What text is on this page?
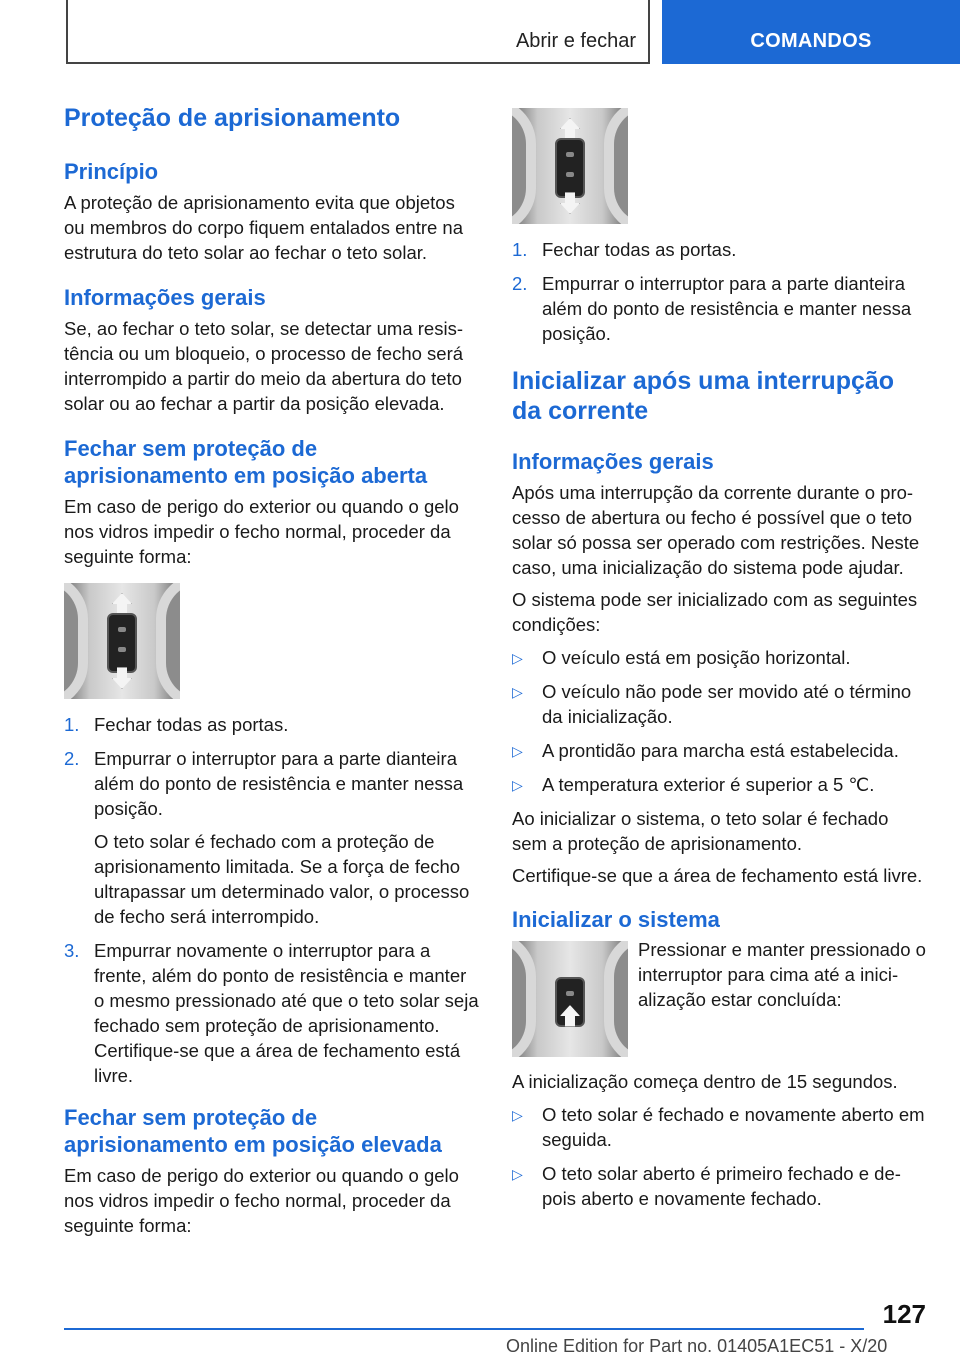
Abrir e fechar	COMANDOS
Proteção de aprisionamento
Princípio

A proteção de aprisionamento evita que objetos ou membros do corpo fiquem entalados entre na estrutura do teto solar ao fechar o teto solar.

Informações gerais

Se, ao fechar o teto solar, se detectar uma resistência ou um bloqueio, o processo de fecho será interrompido a partir do meio da abertura do teto solar ou ao fechar a partir da posição elevada.

Fechar sem proteção de aprisionamento em posição aberta

Em caso de perigo do exterior ou quando o gelo nos vidros impedir o fecho normal, proceder da seguinte forma:

1. Fechar todas as portas.
2. Empurrar o interruptor para a parte dianteira além do ponto de resistência e manter nessa posição.
O teto solar é fechado com a proteção de aprisionamento limitada. Se a força de fecho ultrapassar um determinado valor, o processo de fecho será interrompido.
3. Empurrar novamente o interruptor para a frente, além do ponto de resistência e manter o mesmo pressionado até que o teto solar seja fechado sem proteção de aprisionamento. Certifique-se que a área de fechamento está livre.
Fechar sem proteção de aprisionamento em posição elevada

Em caso de perigo do exterior ou quando o gelo nos vidros impedir o fecho normal, proceder da seguinte forma:

1. Fechar todas as portas.
2. Empurrar o interruptor para a parte dianteira além do ponto de resistência e manter nessa posição.
Inicializar após uma interrupção da corrente
Informações gerais

Após uma interrupção da corrente durante o processo de abertura ou fecho é possível que o teto solar só possa ser operado com restrições. Neste caso, uma inicialização do sistema pode ajudar.

O sistema pode ser inicializado com as seguintes condições:

▷ O veículo está em posição horizontal.
▷ O veículo não pode ser movido até o término da inicialização.
▷ A prontidão para marcha está estabelecida.
▷ A temperatura exterior é superior a 5 ℃.

Ao inicializar o sistema, o teto solar é fechado sem a proteção de aprisionamento.

Certifique-se que a área de fechamento está livre.

Inicializar o sistema

Pressionar e manter pressionado o interruptor para cima até a inicialização estar concluída:

A inicialização começa dentro de 15 segundos.

▷ O teto solar é fechado e novamente aberto em seguida.
▷ O teto solar aberto é primeiro fechado e depois aberto e novamente fechado.
127
Online Edition for Part no. 01405A1EC51 - X/20
